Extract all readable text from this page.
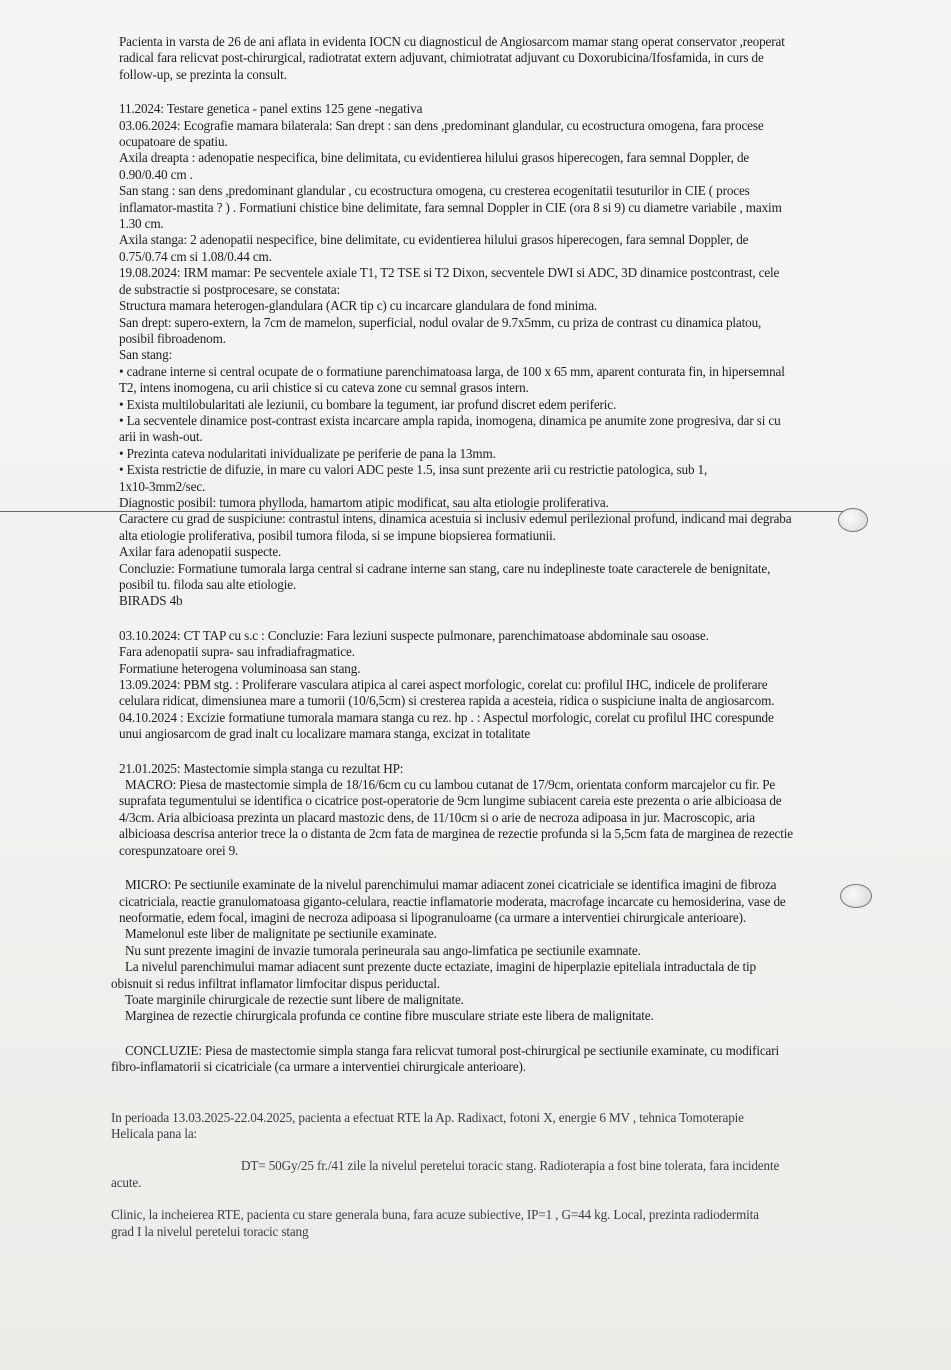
Pacienta in varsta de 26 de ani aflata in evidenta IOCN cu diagnosticul de Angiosarcom mamar stang operat conservator ,reoperat

radical fara relicvat post-chirurgical, radiotratat extern adjuvant, chimiotratat adjuvant cu Doxorubicina/Ifosfamida, in curs de

follow-up, se prezinta la consult.

11.2024: Testare genetica - panel extins 125 gene -negativa

03.06.2024: Ecografie mamara bilaterala: San drept : san dens ,predominant glandular, cu ecostructura omogena, fara procese

ocupatoare de spatiu.

Axila dreapta : adenopatie nespecifica, bine delimitata, cu evidentierea hilului grasos hiperecogen, fara semnal Doppler, de

0.90/0.40 cm .

San stang : san dens ,predominant glandular , cu ecostructura omogena, cu cresterea ecogenitatii tesuturilor in CIE ( proces

inflamator-mastita ? ) . Formatiuni chistice bine delimitate, fara semnal Doppler in CIE (ora 8 si 9) cu diametre variabile , maxim

1.30 cm.

Axila stanga: 2 adenopatii nespecifice, bine delimitate, cu evidentierea hilului grasos hiperecogen, fara semnal Doppler, de

0.75/0.74 cm si 1.08/0.44 cm.

19.08.2024: IRM mamar: Pe secventele axiale T1, T2 TSE si T2 Dixon, secventele DWI si ADC, 3D dinamice postcontrast, cele

de substractie si postprocesare, se constata:

Structura mamara heterogen-glandulara (ACR tip c) cu incarcare glandulara de fond minima.

San drept: supero-extern, la 7cm de mamelon, superficial, nodul ovalar de 9.7x5mm, cu priza de contrast cu dinamica platou,

posibil fibroadenom.

San stang:

• cadrane interne si central ocupate de o formatiune parenchimatoasa larga, de 100 x 65 mm, aparent conturata fin, in hipersemnal

T2, intens inomogena, cu arii chistice si cu cateva zone cu semnal grasos intern.

• Exista multilobularitati ale leziunii, cu bombare la tegument, iar profund discret edem periferic.

• La secventele dinamice post-contrast exista incarcare ampla rapida, inomogena, dinamica pe anumite zone progresiva, dar si cu

arii in wash-out.

• Prezinta cateva nodularitati inividualizate pe periferie de pana la 13mm.

• Exista restrictie de difuzie, in mare cu valori ADC peste 1.5, insa sunt prezente arii cu restrictie patologica, sub 1,

1x10-3mm2/sec.

Diagnostic posibil: tumora phylloda, hamartom atipic modificat, sau alta etiologie proliferativa.

Caractere cu grad de suspiciune: contrastul intens, dinamica acestuia si inclusiv edemul perilezional profund, indicand mai degraba

alta etiologie proliferativa, posibil tumora filoda, si se impune biopsierea formatiunii.

Axilar fara adenopatii suspecte.

Concluzie: Formatiune tumorala larga central si cadrane interne san stang, care nu indeplineste toate caracterele de benignitate,

posibil tu. filoda sau alte etiologie.

BIRADS 4b

03.10.2024: CT TAP cu s.c : Concluzie: Fara leziuni suspecte pulmonare, parenchimatoase abdominale sau osoase.

Fara adenopatii supra- sau infradiafragmatice.

Formatiune heterogena voluminoasa san stang.

13.09.2024: PBM stg. : Proliferare vasculara atipica al carei aspect morfologic, corelat cu: profilul IHC, indicele de proliferare

celulara ridicat, dimensiunea mare a tumorii (10/6,5cm) si cresterea rapida a acesteia, ridica o suspiciune inalta de angiosarcom.

04.10.2024 : Excizie formatiune tumorala mamara stanga cu rez. hp . : Aspectul morfologic, corelat cu profilul IHC corespunde

unui angiosarcom de grad inalt cu localizare mamara stanga, excizat in totalitate

21.01.2025: Mastectomie simpla stanga cu rezultat HP:

MACRO: Piesa de mastectomie simpla de 18/16/6cm cu cu lambou cutanat de 17/9cm, orientata conform marcajelor cu fir. Pe

suprafata tegumentului se identifica o cicatrice post-operatorie de 9cm lungime subiacent careia este prezenta o arie albicioasa de

4/3cm. Aria albicioasa prezinta un placard mastozic dens, de 11/10cm si o arie de necroza adipoasa in jur. Macroscopic, aria

albicioasa descrisa anterior trece la o distanta de 2cm fata de marginea de rezectie profunda si la 5,5cm fata de marginea de rezectie

corespunzatoare orei 9.

MICRO: Pe sectiunile examinate de la nivelul parenchimului mamar adiacent zonei cicatriciale se identifica imagini de fibroza

cicatriciala, reactie granulomatoasa giganto-celulara, reactie inflamatorie moderata, macrofage incarcate cu hemosiderina, vase de

neoformatie, edem focal, imagini de necroza adipoasa si lipogranuloame (ca urmare a interventiei chirurgicale anterioare).

Mamelonul este liber de malignitate pe sectiunile examinate.

Nu sunt prezente imagini de invazie tumorala perineurala sau ango-limfatica pe sectiunile examnate.

La nivelul parenchimului mamar adiacent sunt prezente ducte ectaziate, imagini de hiperplazie epiteliala intraductala de tip

obisnuit si redus infiltrat inflamator limfocitar dispus periductal.

Toate marginile chirurgicale de rezectie sunt libere de malignitate.

Marginea de rezectie chirurgicala profunda ce contine fibre musculare striate este libera de malignitate.

CONCLUZIE: Piesa de mastectomie simpla stanga fara relicvat tumoral post-chirurgical pe sectiunile examinate, cu modificari

fibro-inflamatorii si cicatriciale (ca urmare a interventiei chirurgicale anterioare).

In perioada 13.03.2025-22.04.2025, pacienta a efectuat RTE la Ap. Radixact, fotoni X, energie 6 MV , tehnica Tomoterapie

Helicala pana la:

DT= 50Gy/25 fr./41 zile la nivelul peretelui toracic stang. Radioterapia a fost bine tolerata, fara incidente

acute.

Clinic, la incheierea RTE, pacienta cu stare generala buna, fara acuze subiective, IP=1 , G=44 kg. Local, prezinta radiodermita

grad I la nivelul peretelui toracic stang
